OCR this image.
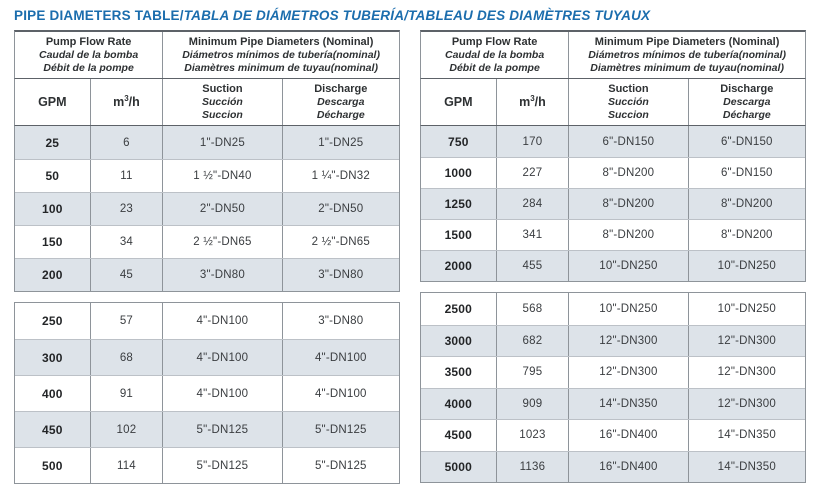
PIPE DIAMETERS TABLE/TABLA DE DIÁMETROS TUBERÍA/TABLEAU DES DIAMÈTRES TUYAUX
Pump Flow Rate
Caudal de la bomba
Débit de la pompe
Minimum Pipe Diameters (Nominal)
Diámetros mínimos de tubería(nominal)
Diamètres minimum de tuyau(nominal)
GPM	$m^3/h$
Suction
Succión
Succion
Discharge
Descarga
Décharge
25	6	1"-DN25	1"-DN25
50	11	1 ½"-DN40	1 ¼"-DN32
100	23	2"-DN50	2"-DN50
150	34	2 ½"-DN65	2 ½"-DN65
200	45	3"-DN80	3"-DN80
250	57	4"-DN100	3"-DN80
300	68	4"-DN100	4"-DN100
400	91	4"-DN100	4"-DN100
450	102	5"-DN125	5"-DN125
500	114	5"-DN125	5"-DN125
Pump Flow Rate
Caudal de la bomba
Débit de la pompe
Minimum Pipe Diameters (Nominal)
Diámetros mínimos de tubería(nominal)
Diamètres minimum de tuyau(nominal)
GPM	$m^3/h$
Suction
Succión
Succion
Discharge
Descarga
Décharge
750	170	6"-DN150	6"-DN150
1000	227	8"-DN200	6"-DN150
1250	284	8"-DN200	8"-DN200
1500	341	8"-DN200	8"-DN200
2000	455	10"-DN250	10"-DN250
2500	568	10"-DN250	10"-DN250
3000	682	12"-DN300	12"-DN300
3500	795	12"-DN300	12"-DN300
4000	909	14"-DN350	12"-DN300
4500	1023	16"-DN400	14"-DN350
5000	1136	16"-DN400	14"-DN350
